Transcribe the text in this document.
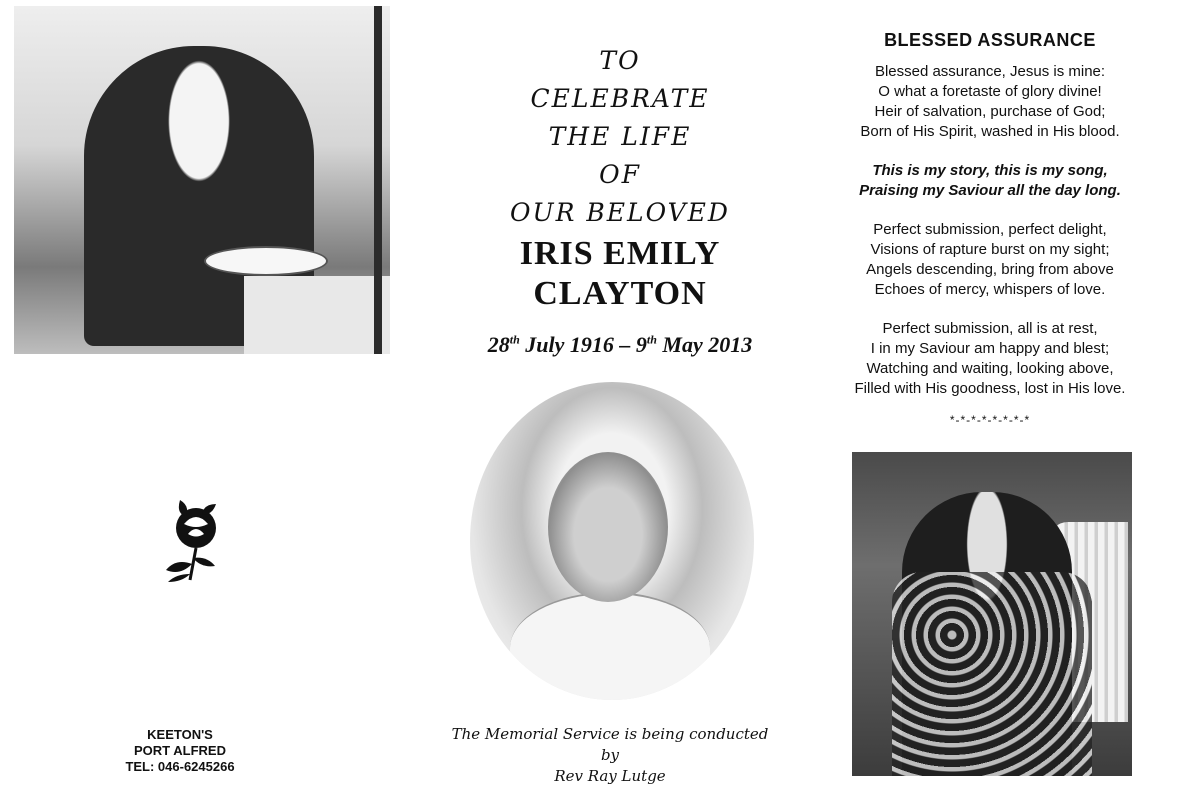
KEETON'S
PORT ALFRED
TEL: 046-6245266
TO
CELEBRATE
THE LIFE
OF
OUR BELOVED
IRIS EMILY
CLAYTON
28th July 1916 – 9th May 2013
The Memorial Service is being conducted
by
Rev Ray Lutge
BLESSED ASSURANCE
Blessed assurance, Jesus is mine:
O what a foretaste of glory divine!
Heir of salvation, purchase of God;
Born of His Spirit, washed in His blood.
This is my story, this is my song,
Praising my Saviour all the day long.
Perfect submission, perfect delight,
Visions of rapture burst on my sight;
Angels descending, bring from above
Echoes of mercy, whispers of love.
Perfect submission, all is at rest,
I in my Saviour am happy and blest;
Watching and waiting, looking above,
Filled with His goodness, lost in His love.
*-*-*-*-*-*-*-*
